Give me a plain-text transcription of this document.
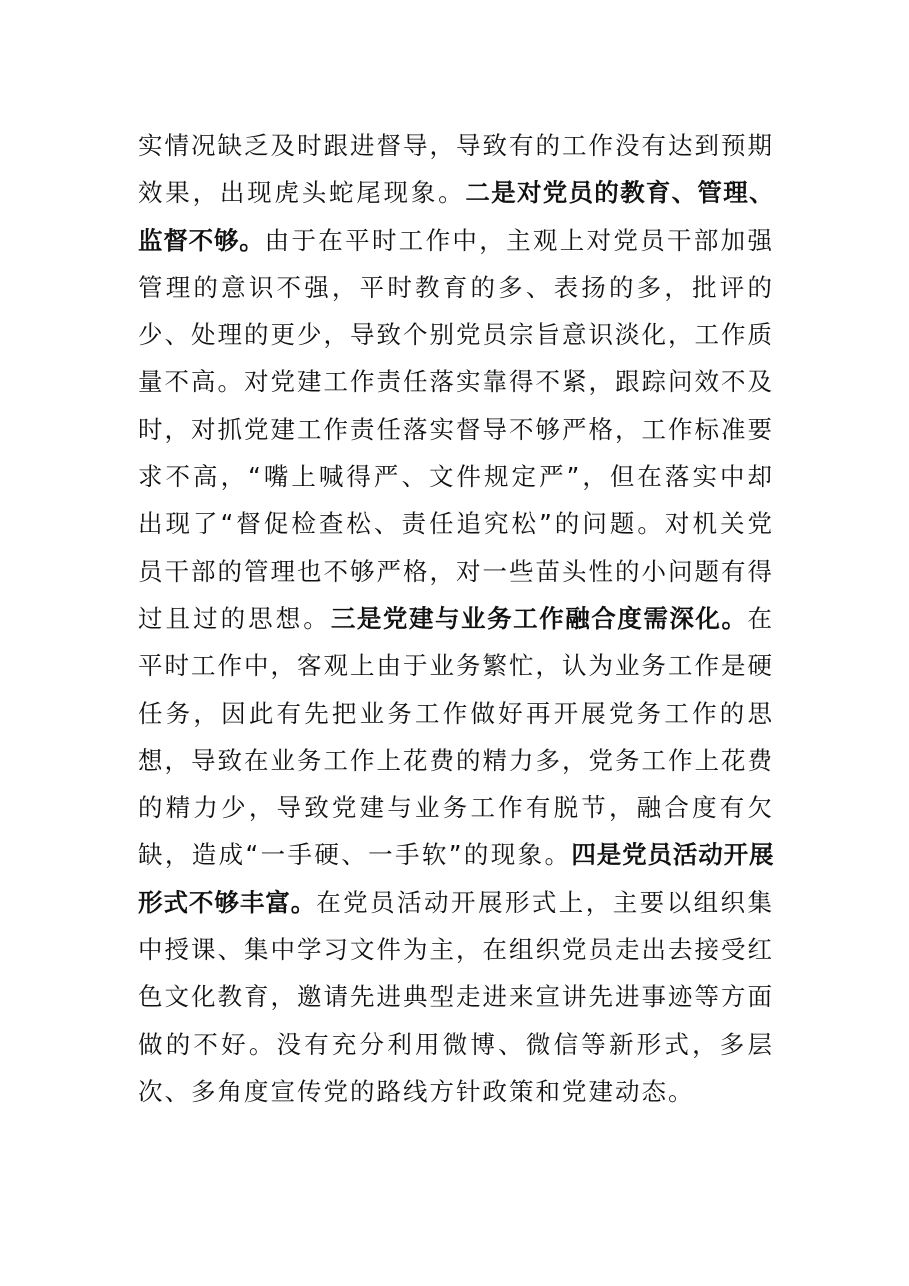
实情况缺乏及时跟进督导，导致有的工作没有达到预期效果，出现虎头蛇尾现象。二是对党员的教育、管理、监督不够。由于在平时工作中，主观上对党员干部加强管理的意识不强，平时教育的多、表扬的多，批评的少、处理的更少，导致个别党员宗旨意识淡化，工作质量不高。对党建工作责任落实靠得不紧，跟踪问效不及时，对抓党建工作责任落实督导不够严格，工作标准要求不高，“嘴上喊得严、文件规定严”，但在落实中却出现了“督促检查松、责任追究松”的问题。对机关党员干部的管理也不够严格，对一些苗头性的小问题有得过且过的思想。三是党建与业务工作融合度需深化。在平时工作中，客观上由于业务繁忙，认为业务工作是硬任务，因此有先把业务工作做好再开展党务工作的思想，导致在业务工作上花费的精力多，党务工作上花费的精力少，导致党建与业务工作有脱节，融合度有欠缺，造成“一手硬、一手软”的现象。四是党员活动开展形式不够丰富。在党员活动开展形式上，主要以组织集中授课、集中学习文件为主，在组织党员走出去接受红色文化教育，邀请先进典型走进来宣讲先进事迹等方面做的不好。没有充分利用微博、微信等新形式，多层次、多角度宣传党的路线方针政策和党建动态。
